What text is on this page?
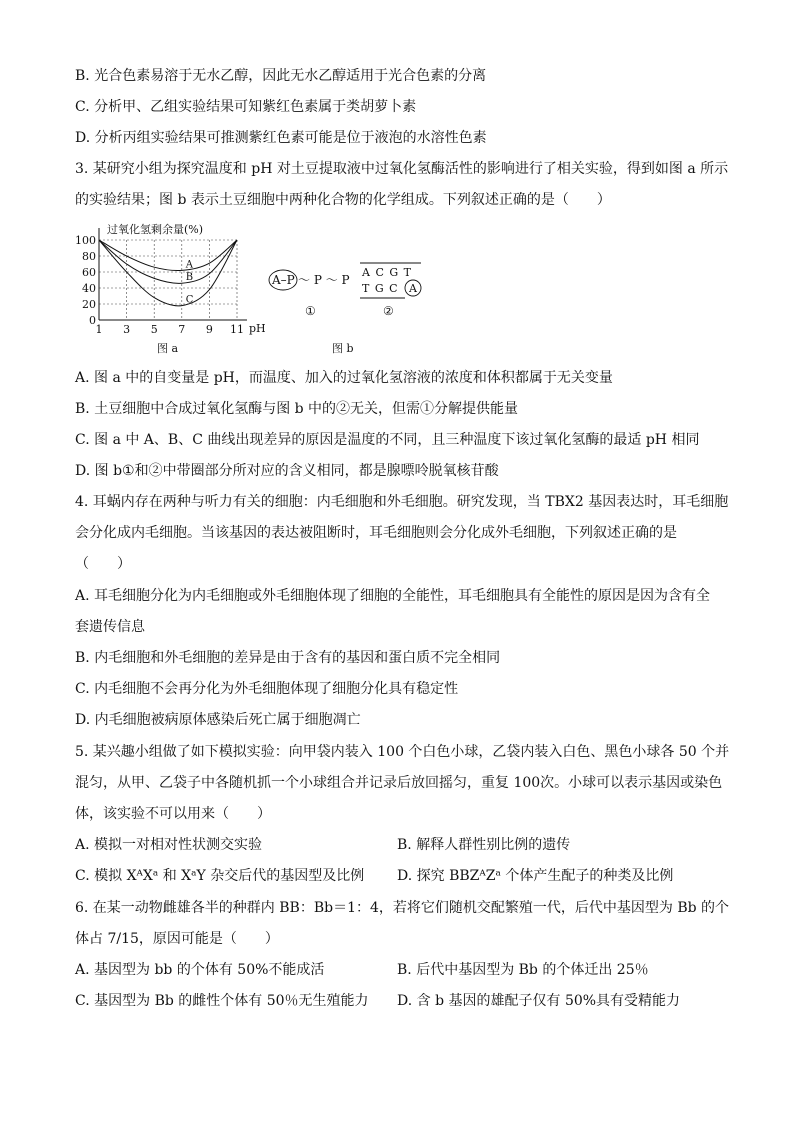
B. 光合色素易溶于无水乙醇，因此无水乙醇适用于光合色素的分离
C. 分析甲、乙组实验结果可知紫红色素属于类胡萝卜素
D. 分析丙组实验结果可推测紫红色素可能是位于液泡的水溶性色素
3. 某研究小组为探究温度和 pH 对土豆提取液中过氧化氢酶活性的影响进行了相关实验，得到如图 a 所示
的实验结果；图 b 表示土豆细胞中两种化合物的化学组成。下列叙述正确的是（　　）
过氧化氢剩余量(%)
100
80
60
40
20
0
1 3 5 7 9 11 pH
A
B
C
图 a
A–P ～ P ～ P
①
A C G T
T G C A
②
图 b
A. 图 a 中的自变量是 pH，而温度、加入的过氧化氢溶液的浓度和体积都属于无关变量
B. 土豆细胞中合成过氧化氢酶与图 b 中的②无关，但需①分解提供能量
C. 图 a 中 A、B、C 曲线出现差异的原因是温度的不同，且三种温度下该过氧化氢酶的最适 pH 相同
D. 图 b①和②中带圈部分所对应的含义相同，都是腺嘌呤脱氧核苷酸
4. 耳蜗内存在两种与听力有关的细胞：内毛细胞和外毛细胞。研究发现，当 TBX2 基因表达时，耳毛细胞
会分化成内毛细胞。当该基因的表达被阻断时，耳毛细胞则会分化成外毛细胞，下列叙述正确的是
（　　）
A. 耳毛细胞分化为内毛细胞或外毛细胞体现了细胞的全能性，耳毛细胞具有全能性的原因是因为含有全
套遗传信息
B. 内毛细胞和外毛细胞的差异是由于含有的基因和蛋白质不完全相同
C. 内毛细胞不会再分化为外毛细胞体现了细胞分化具有稳定性
D. 内毛细胞被病原体感染后死亡属于细胞凋亡
5. 某兴趣小组做了如下模拟实验：向甲袋内装入 100 个白色小球，乙袋内装入白色、黑色小球各 50 个并
混匀，从甲、乙袋子中各随机抓一个小球组合并记录后放回摇匀，重复 100次。小球可以表示基因或染色
体，该实验不可以用来（　　）
A. 模拟一对相对性状测交实验	B. 解释人群性别比例的遗传
C. 模拟 XᴬXᵃ 和 XᵃY 杂交后代的基因型及比例 D. 探究 BBZᴬZᵃ 个体产生配子的种类及比例
6. 在某一动物雌雄各半的种群内 BB：Bb＝1：4，若将它们随机交配繁殖一代，后代中基因型为 Bb 的个
体占 7/15，原因可能是（　　）
A. 基因型为 bb 的个体有 50%不能成活	B. 后代中基因型为 Bb 的个体迁出 25％
C. 基因型为 Bb 的雌性个体有 50％无生殖能力 D. 含 b 基因的雄配子仅有 50%具有受精能力
